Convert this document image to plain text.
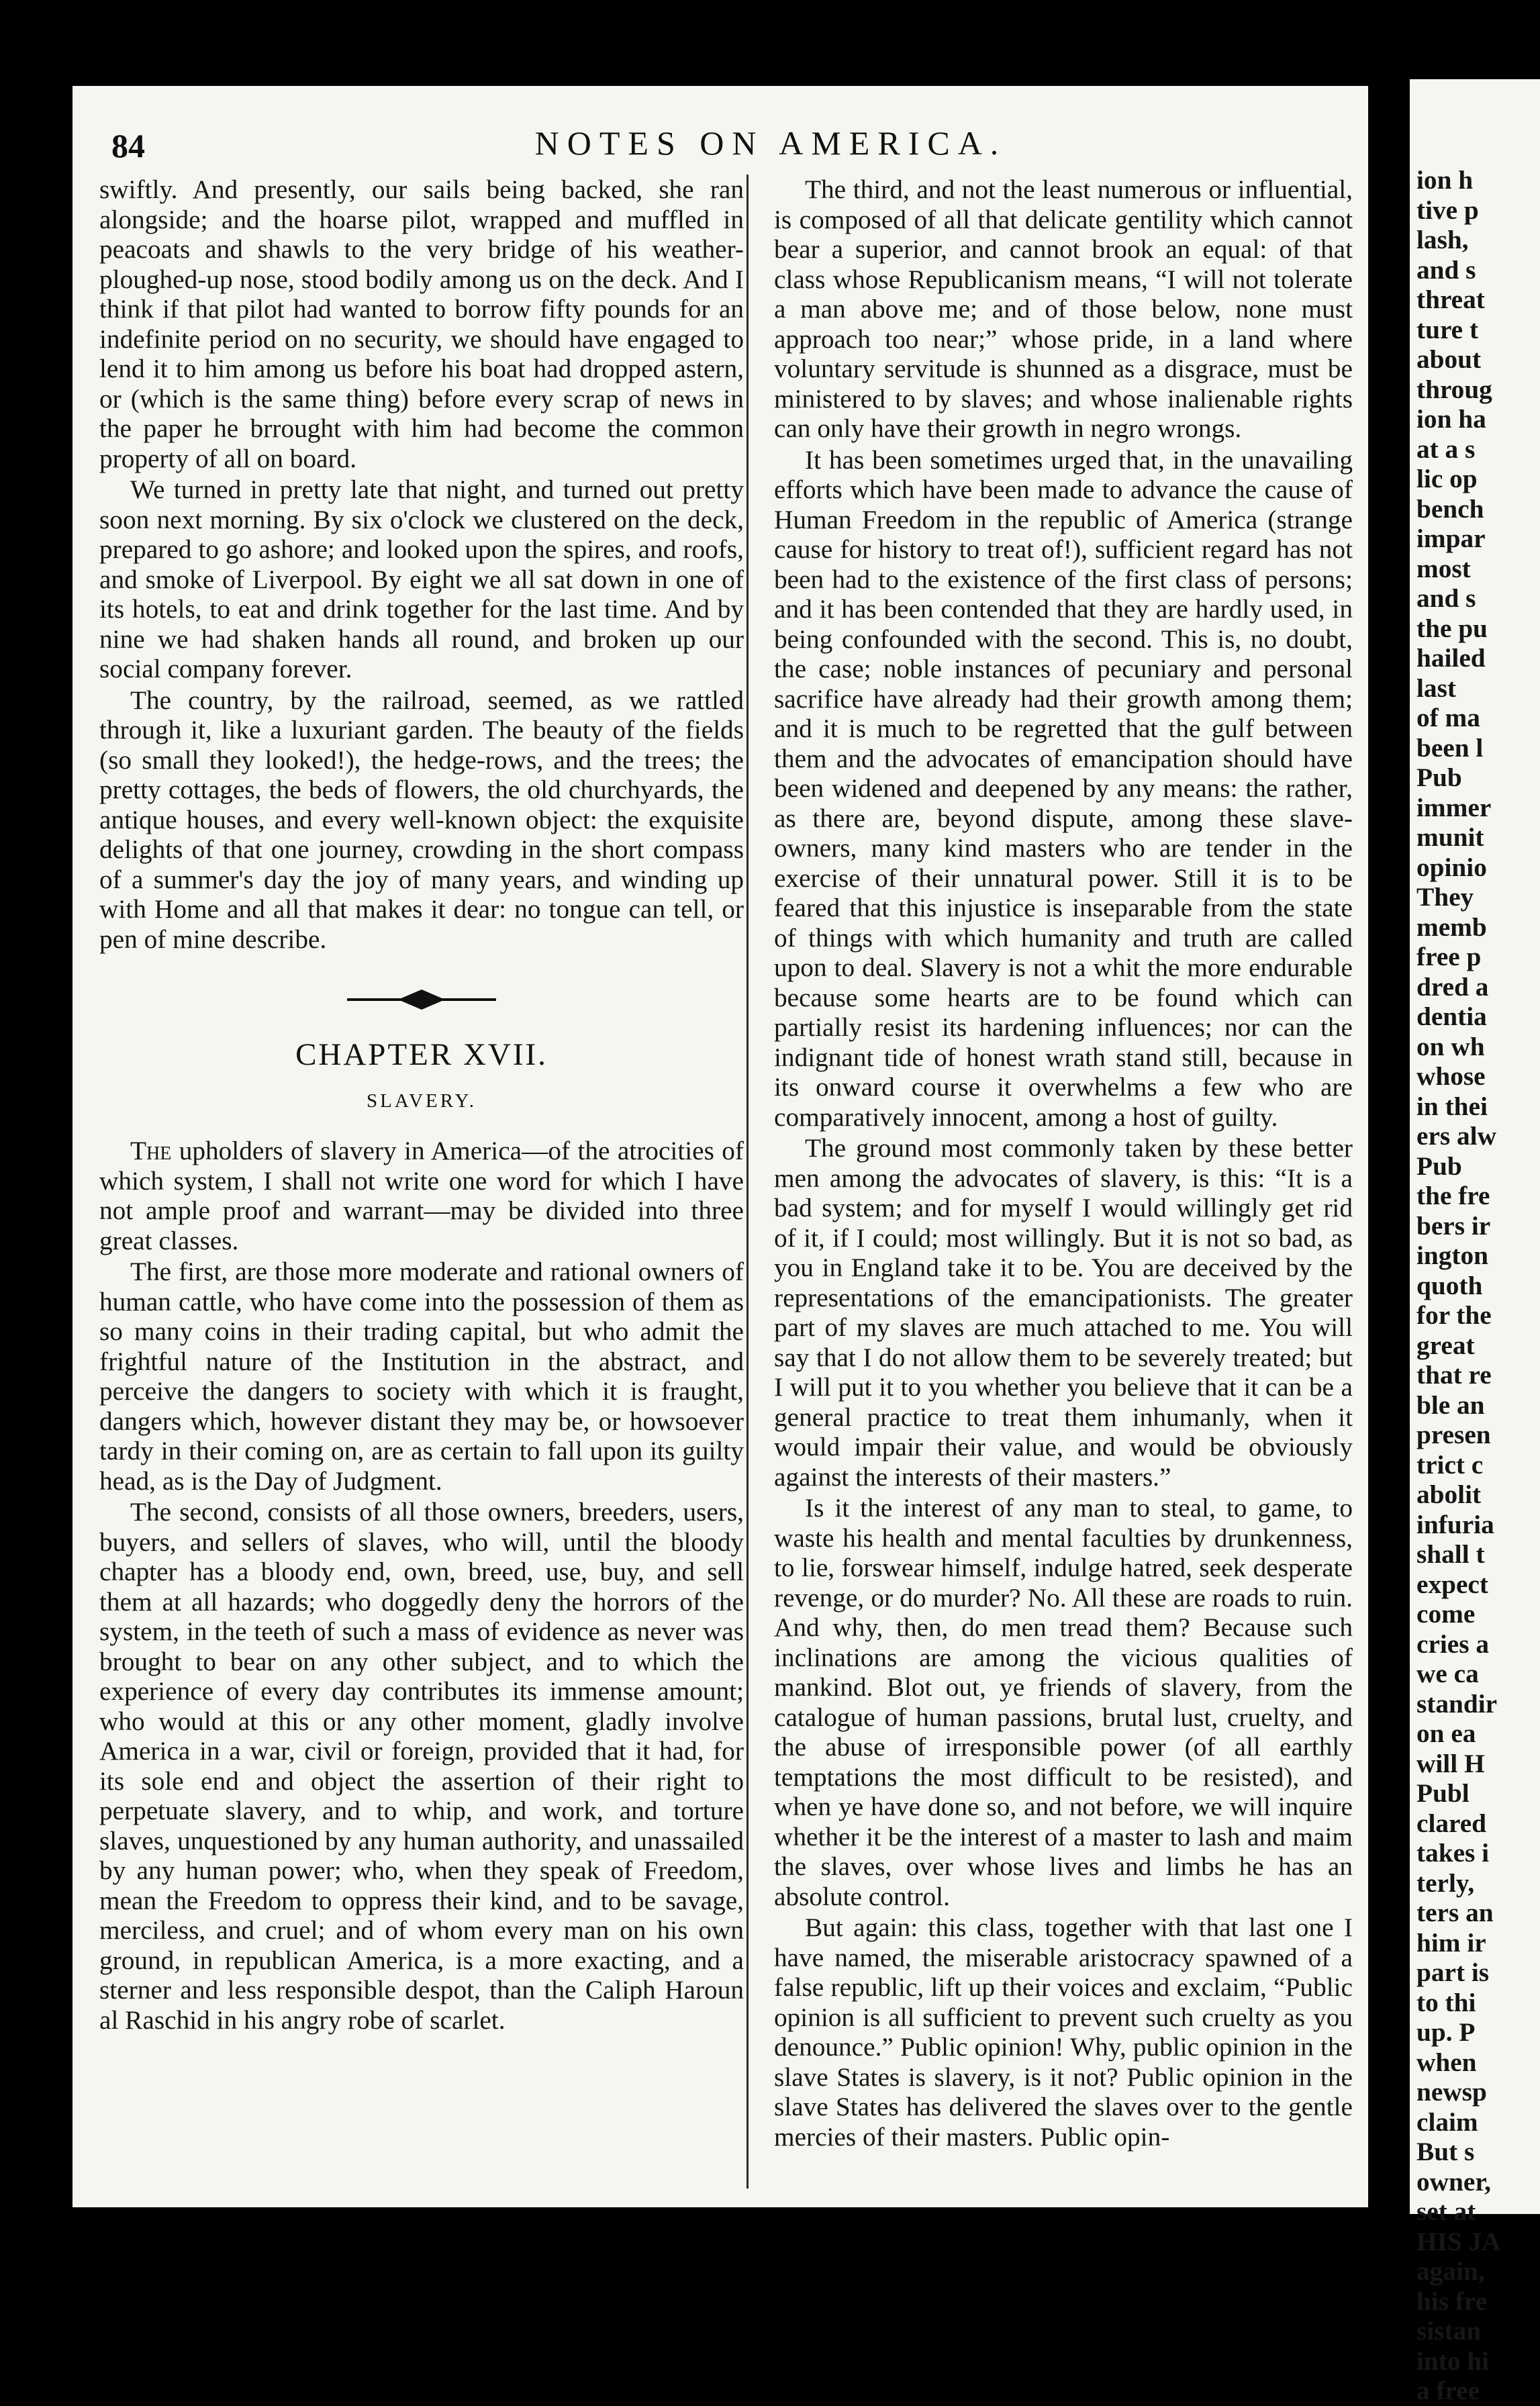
84	NOTES ON AMERICA.

swiftly. And presently, our sails being backed, she ran alongside; and the hoarse pilot, wrapped and muffled in peacoats and shawls to the very bridge of his weather-ploughed-up nose, stood bodily among us on the deck. And I think if that pilot had wanted to borrow fifty pounds for an indefinite period on no security, we should have engaged to lend it to him among us before his boat had dropped astern, or (which is the same thing) before every scrap of news in the paper he brrought with him had become the common property of all on board.

We turned in pretty late that night, and turned out pretty soon next morning. By six o'clock we clustered on the deck, prepared to go ashore; and looked upon the spires, and roofs, and smoke of Liverpool. By eight we all sat down in one of its hotels, to eat and drink together for the last time. And by nine we had shaken hands all round, and broken up our social company forever.

The country, by the railroad, seemed, as we rattled through it, like a luxuriant garden. The beauty of the fields (so small they looked!), the hedge-rows, and the trees; the pretty cottages, the beds of flowers, the old churchyards, the antique houses, and every well-known object: the exquisite delights of that one journey, crowding in the short compass of a summer's day the joy of many years, and winding up with Home and all that makes it dear: no tongue can tell, or pen of mine describe.

CHAPTER XVII.
SLAVERY.

The upholders of slavery in America—of the atrocities of which system, I shall not write one word for which I have not ample proof and warrant—may be divided into three great classes.

The first, are those more moderate and rational owners of human cattle, who have come into the possession of them as so many coins in their trading capital, but who admit the frightful nature of the Institution in the abstract, and perceive the dangers to society with which it is fraught, dangers which, however distant they may be, or howsoever tardy in their coming on, are as certain to fall upon its guilty head, as is the Day of Judgment.

The second, consists of all those owners, breeders, users, buyers, and sellers of slaves, who will, until the bloody chapter has a bloody end, own, breed, use, buy, and sell them at all hazards; who doggedly deny the horrors of the system, in the teeth of such a mass of evidence as never was brought to bear on any other subject, and to which the experience of every day contributes its immense amount; who would at this or any other moment, gladly involve America in a war, civil or foreign, provided that it had, for its sole end and object the assertion of their right to perpetuate slavery, and to whip, and work, and torture slaves, unquestioned by any human authority, and unassailed by any human power; who, when they speak of Freedom, mean the Freedom to oppress their kind, and to be savage, merciless, and cruel; and of whom every man on his own ground, in republican America, is a more exacting, and a sterner and less responsible despot, than the Caliph Haroun al Raschid in his angry robe of scarlet.

The third, and not the least numerous or influential, is composed of all that delicate gentility which cannot bear a superior, and cannot brook an equal: of that class whose Republicanism means, “I will not tolerate a man above me; and of those below, none must approach too near;” whose pride, in a land where voluntary servitude is shunned as a disgrace, must be ministered to by slaves; and whose inalienable rights can only have their growth in negro wrongs.

It has been sometimes urged that, in the unavailing efforts which have been made to advance the cause of Human Freedom in the republic of America (strange cause for history to treat of!), sufficient regard has not been had to the existence of the first class of persons; and it has been contended that they are hardly used, in being confounded with the second. This is, no doubt, the case; noble instances of pecuniary and personal sacrifice have already had their growth among them; and it is much to be regretted that the gulf between them and the advocates of emancipation should have been widened and deepened by any means: the rather, as there are, beyond dispute, among these slave-owners, many kind masters who are tender in the exercise of their unnatural power. Still it is to be feared that this injustice is inseparable from the state of things with which humanity and truth are called upon to deal. Slavery is not a whit the more endurable because some hearts are to be found which can partially resist its hardening influences; nor can the indignant tide of honest wrath stand still, because in its onward course it overwhelms a few who are comparatively innocent, among a host of guilty.

The ground most commonly taken by these better men among the advocates of slavery, is this: “It is a bad system; and for myself I would willingly get rid of it, if I could; most willingly. But it is not so bad, as you in England take it to be. You are deceived by the representations of the emancipationists. The greater part of my slaves are much attached to me. You will say that I do not allow them to be severely treated; but I will put it to you whether you believe that it can be a general practice to treat them inhumanly, when it would impair their value, and would be obviously against the interests of their masters.”

Is it the interest of any man to steal, to game, to waste his health and mental faculties by drunkenness, to lie, forswear himself, indulge hatred, seek desperate revenge, or do murder? No. All these are roads to ruin. And why, then, do men tread them? Because such inclinations are among the vicious qualities of mankind. Blot out, ye friends of slavery, from the catalogue of human passions, brutal lust, cruelty, and the abuse of irresponsible power (of all earthly temptations the most difficult to be resisted), and when ye have done so, and not before, we will inquire whether it be the interest of a master to lash and maim the slaves, over whose lives and limbs he has an absolute control.

But again: this class, together with that last one I have named, the miserable aristocracy spawned of a false republic, lift up their voices and exclaim, “Public opinion is all sufficient to prevent such cruelty as you denounce.” Public opinion! Why, public opinion in the slave States is slavery, is it not? Public opinion in the slave States has delivered the slaves over to the gentle mercies of their masters. Public opin-

ion h
tive p
lash,
and s
threat
ture t
about
throug
ion ha
at a s
lic op
bench
impar
most
and s
the pu
hailed
last
of ma
been l
Pub
immer
munit
opinio
They
memb
free p
dred a
dentia
on wh
whose
in thei
ers alw
Pub
the fre
bers ir
ington
quoth
for the
great
that re
ble an
presen
trict c
abolit
infuria
shall t
expect
come
cries a
we ca
standir
on ea
will H
Publ
clared
takes i
terly,
ters an
him ir
part is
to thi
up. P
when
newsp
claim
But s
owner,
set at
HIS JA
again,
his fre
sistan
into hi
a free
